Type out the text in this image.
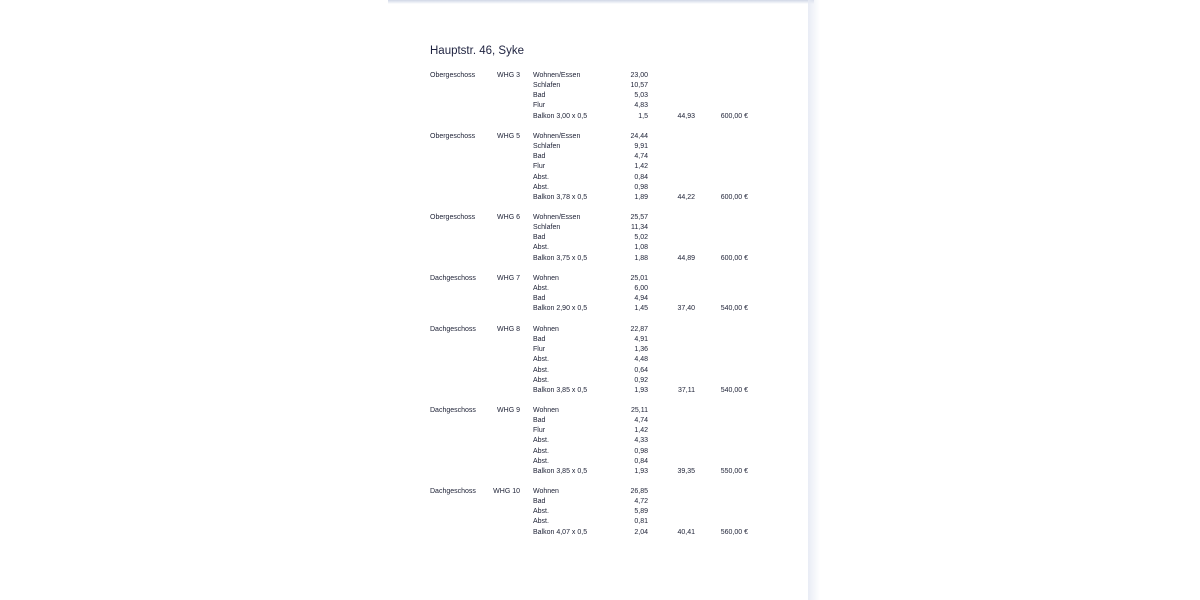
Hauptstr. 46, Syke
Obergeschoss	WHG 3 Wohnen/Essen	23,00
Schlafen	10,57
Bad	5,03
Flur	4,83
Balkon 3,00 x 0,5	1,5	44,93	600,00 €
Obergeschoss	WHG 5 Wohnen/Essen	24,44
Schlafen	9,91
Bad	4,74
Flur	1,42
Abst.	0,84
Abst.	0,98
Balkon 3,78 x 0,5	1,89	44,22	600,00 €
Obergeschoss	WHG 6 Wohnen/Essen	25,57
Schlafen	11,34
Bad	5,02
Abst.	1,08
Balkon 3,75 x 0,5	1,88	44,89	600,00 €
Dachgeschoss	WHG 7 Wohnen	25,01
Abst.	6,00
Bad	4,94
Balkon 2,90 x 0,5	1,45	37,40	540,00 €
Dachgeschoss	WHG 8 Wohnen	22,87
Bad	4,91
Flur	1,36
Abst.	4,48
Abst.	0,64
Abst.	0,92
Balkon 3,85 x 0,5	1,93	37,11	540,00 €
Dachgeschoss	WHG 9 Wohnen	25,11
Bad	4,74
Flur	1,42
Abst.	4,33
Abst.	0,98
Abst.	0,84
Balkon 3,85 x 0,5	1,93	39,35	550,00 €
Dachgeschoss	WHG 10 Wohnen	26,85
Bad	4,72
Abst.	5,89
Abst.	0,81
Balkon 4,07 x 0,5	2,04	40,41	560,00 €
